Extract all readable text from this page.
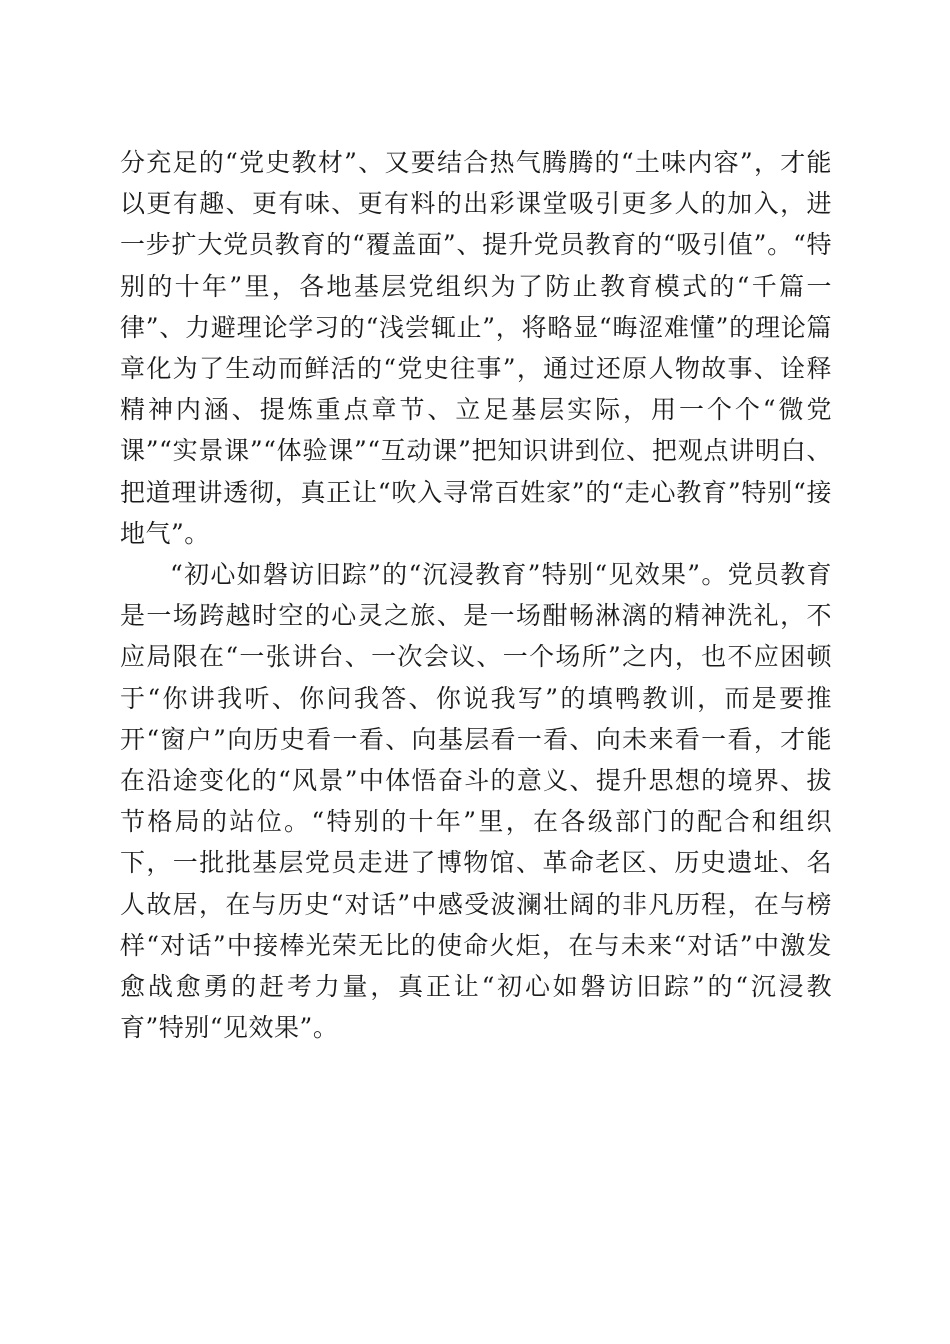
分充足的“党史教材”、又要结合热气腾腾的“土味内容”，才能以更有趣、更有味、更有料的出彩课堂吸引更多人的加入，进一步扩大党员教育的“覆盖面”、提升党员教育的“吸引值”。“特别的十年”里，各地基层党组织为了防止教育模式的“千篇一律”、力避理论学习的“浅尝辄止”，将略显“晦涩难懂”的理论篇章化为了生动而鲜活的“党史往事”，通过还原人物故事、诠释精神内涵、提炼重点章节、立足基层实际，用一个个“微党课”“实景课”“体验课”“互动课”把知识讲到位、把观点讲明白、把道理讲透彻，真正让“吹入寻常百姓家”的“走心教育”特别“接地气”。

“初心如磐访旧踪”的“沉浸教育”特别“见效果”。党员教育是一场跨越时空的心灵之旅、是一场酣畅淋漓的精神洗礼，不应局限在“一张讲台、一次会议、一个场所”之内，也不应困顿于“你讲我听、你问我答、你说我写”的填鸭教训，而是要推开“窗户”向历史看一看、向基层看一看、向未来看一看，才能在沿途变化的“风景”中体悟奋斗的意义、提升思想的境界、拔节格局的站位。“特别的十年”里，在各级部门的配合和组织下，一批批基层党员走进了博物馆、革命老区、历史遗址、名人故居，在与历史“对话”中感受波澜壮阔的非凡历程，在与榜样“对话”中接棒光荣无比的使命火炬，在与未来“对话”中激发愈战愈勇的赶考力量，真正让“初心如磐访旧踪”的“沉浸教育”特别“见效果”。
